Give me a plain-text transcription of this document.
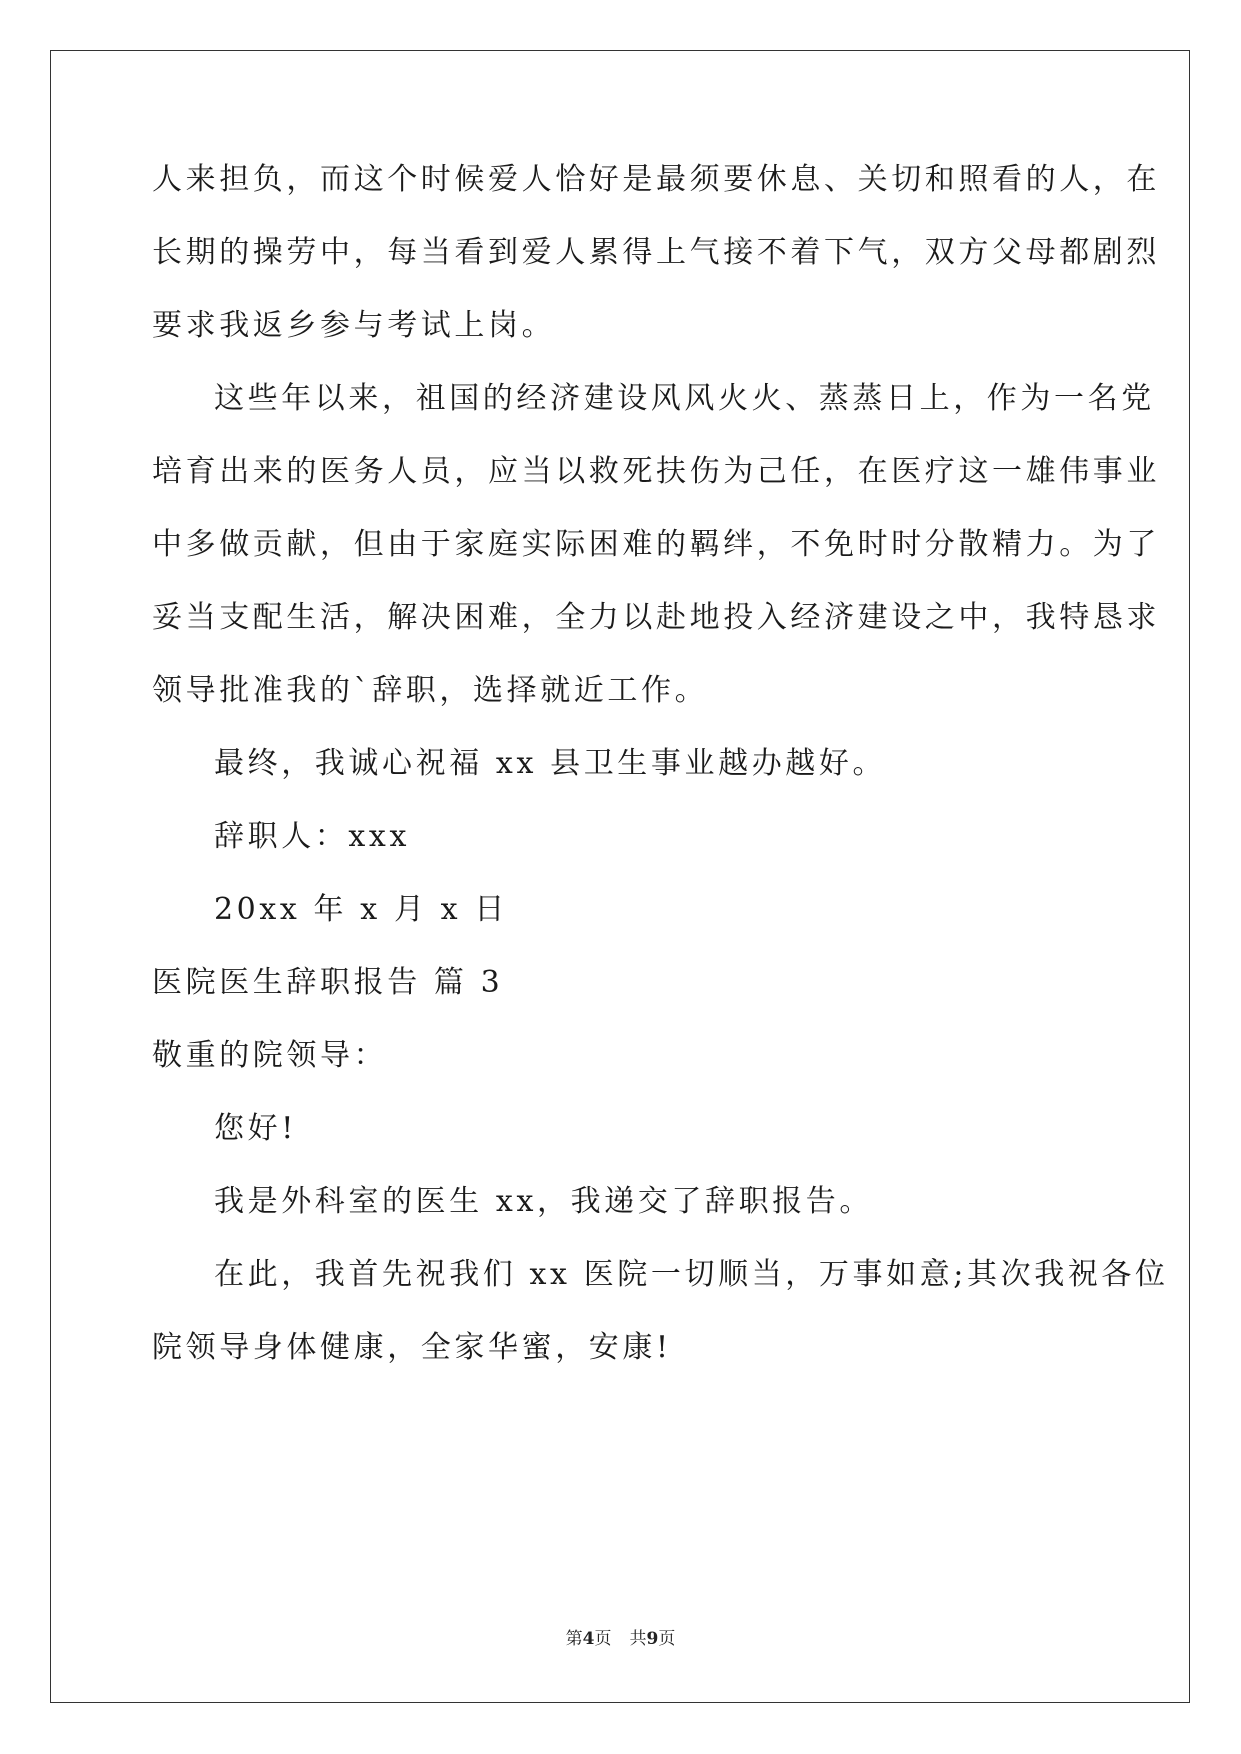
人来担负，而这个时候爱人恰好是最须要休息、关切和照看的人，在
长期的操劳中，每当看到爱人累得上气接不着下气，双方父母都剧烈
要求我返乡参与考试上岗。
这些年以来，祖国的经济建设风风火火、蒸蒸日上，作为一名党
培育出来的医务人员，应当以救死扶伤为己任，在医疗这一雄伟事业
中多做贡献，但由于家庭实际困难的羁绊，不免时时分散精力。为了
妥当支配生活，解决困难，全力以赴地投入经济建设之中，我特恳求
领导批准我的`辞职，选择就近工作。
最终，我诚心祝福 xx 县卫生事业越办越好。
辞职人：xxx
20xx 年 x 月 x 日
医院医生辞职报告 篇 3
敬重的院领导：
您好!
我是外科室的医生 xx，我递交了辞职报告。
在此，我首先祝我们 xx 医院一切顺当，万事如意;其次我祝各位
院领导身体健康，全家华蜜，安康!
第4页 共9页
